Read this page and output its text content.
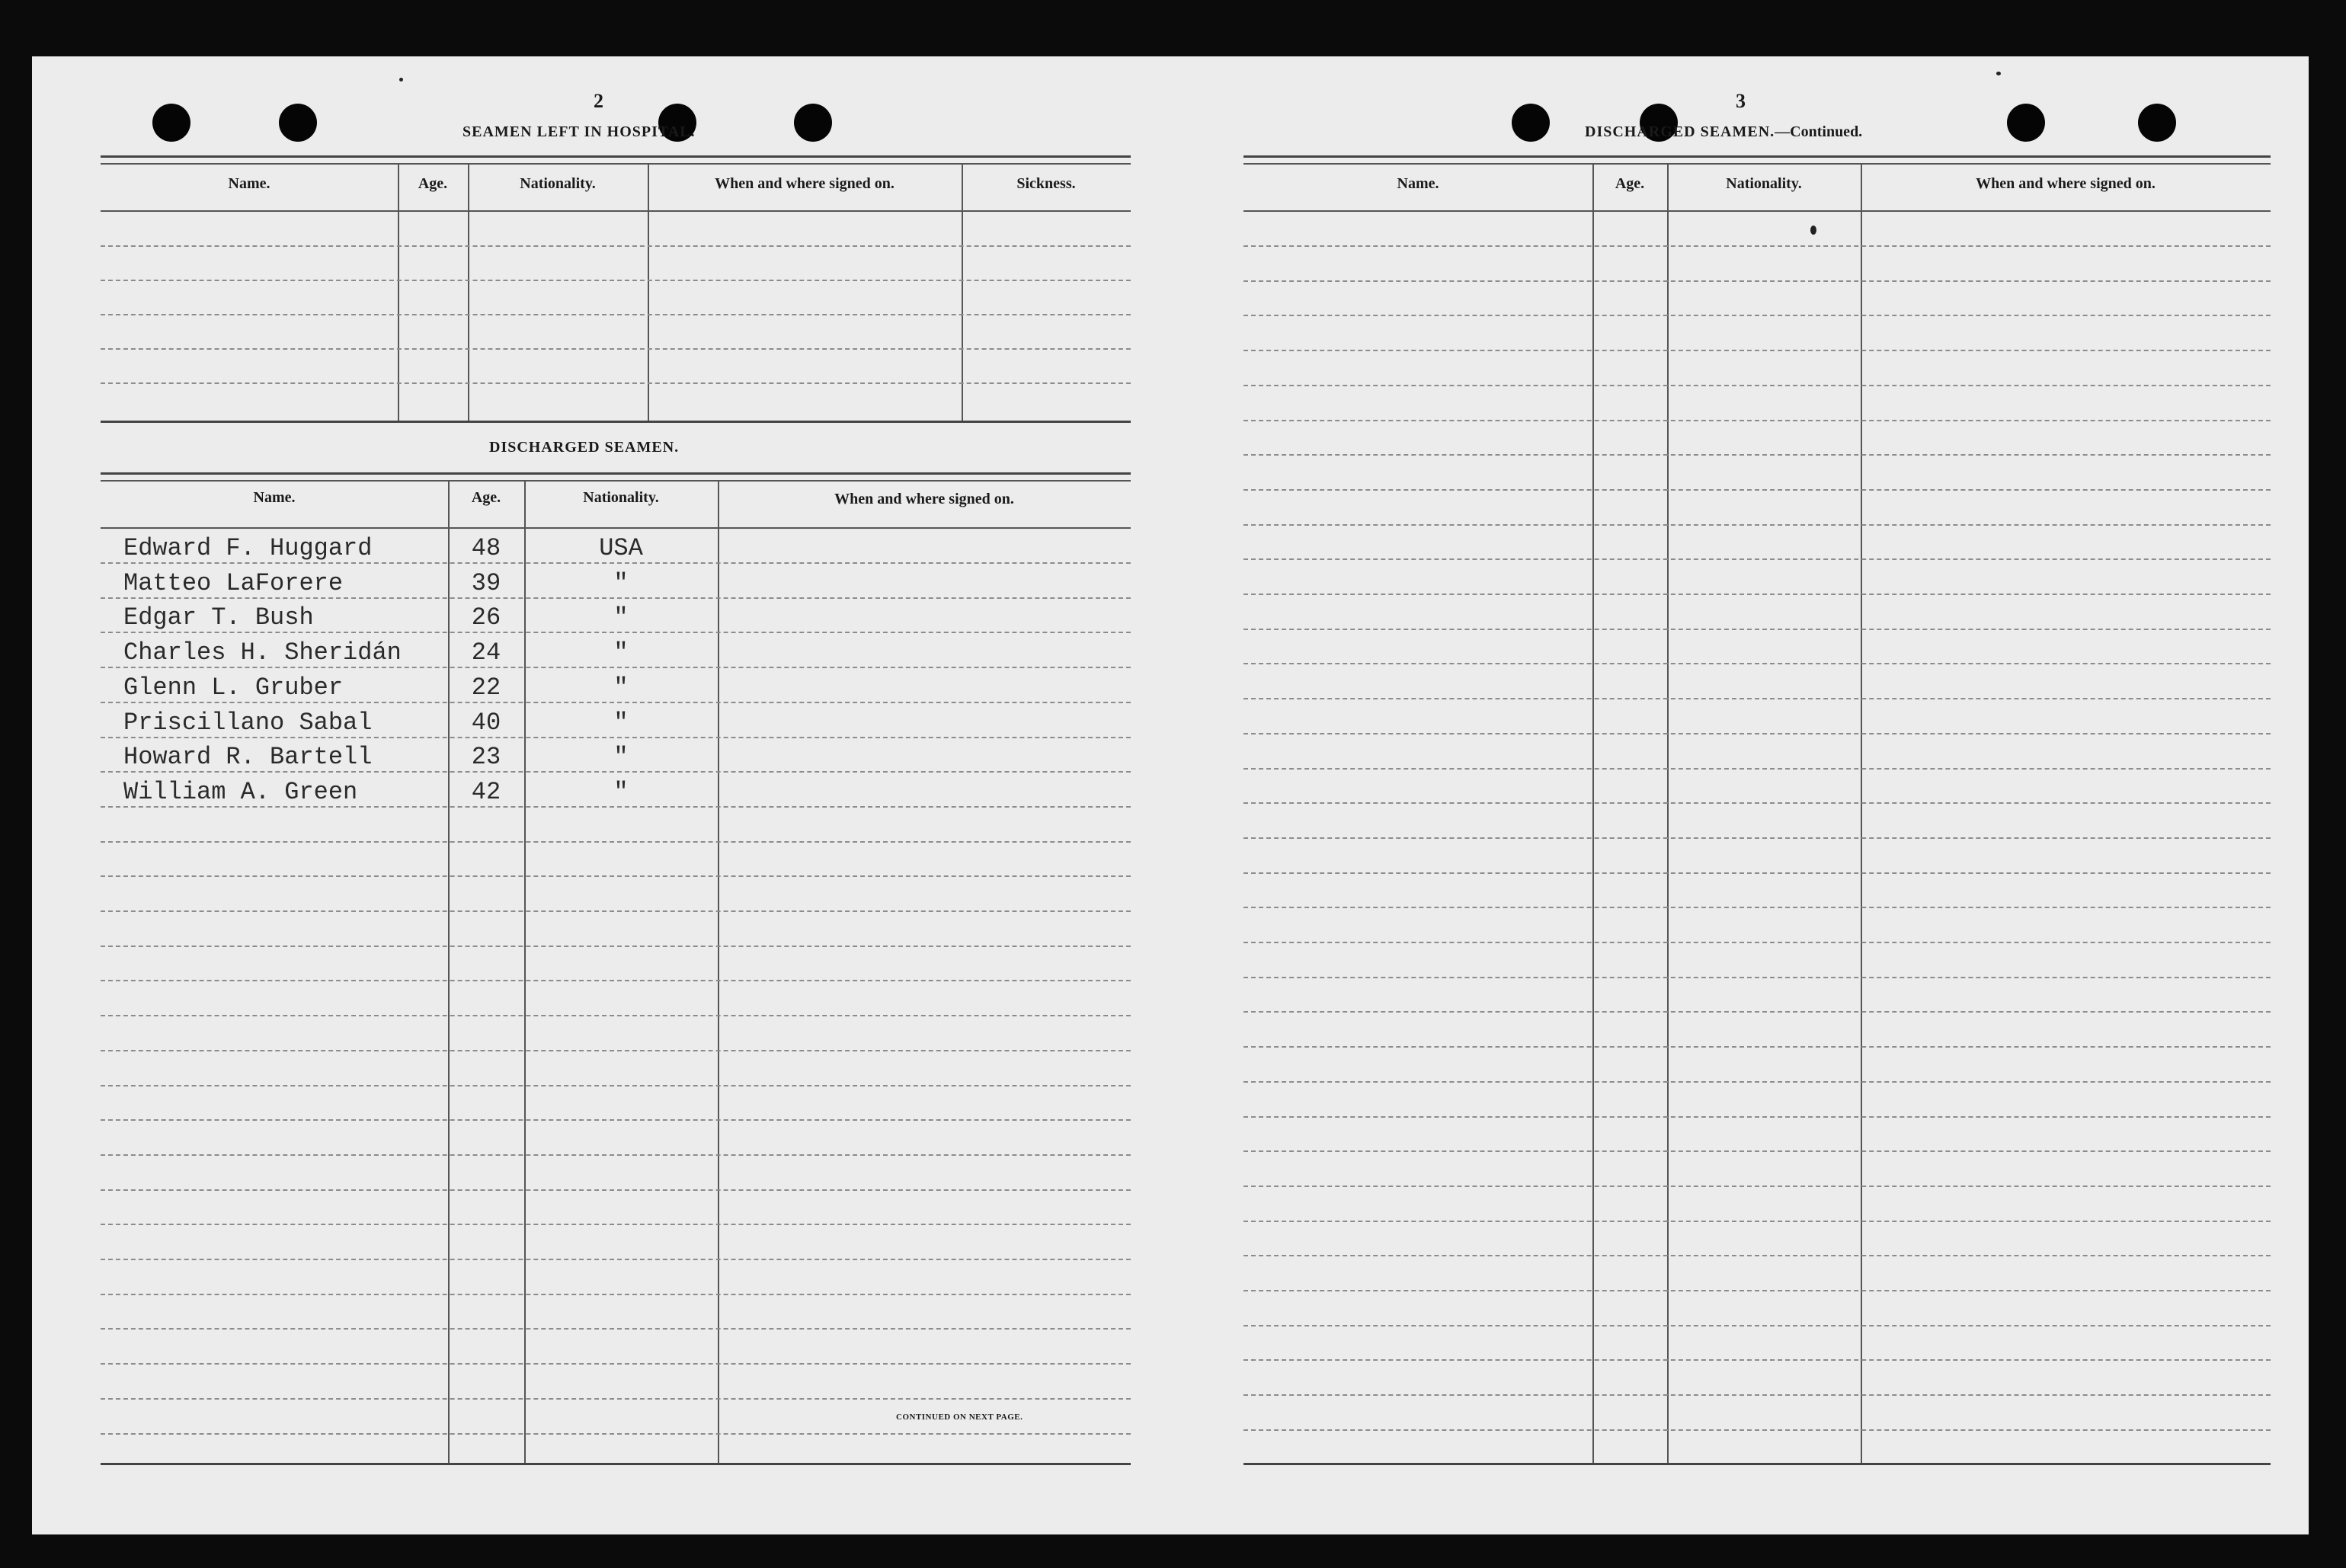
2
SEAMEN LEFT IN HOSPITAL.
Name.	Age.	Nationality.	When and where signed on.	Sickness.
DISCHARGED SEAMEN.
Name.	Age.	Nationality.	When and where signed on.
Edward F. Huggard	48	USA
Matteo LaForere	39	"
Edgar T. Bush	26	"
Charles H. Sheridán	24	"
Glenn L. Gruber	22	"
Priscillano Sabal	40	"
Howard R. Bartell	23	"
William A. Green	42	"
CONTINUED ON NEXT PAGE.
3
DISCHARGED SEAMEN.—Continued.
Name.	Age.	Nationality.	When and where signed on.
